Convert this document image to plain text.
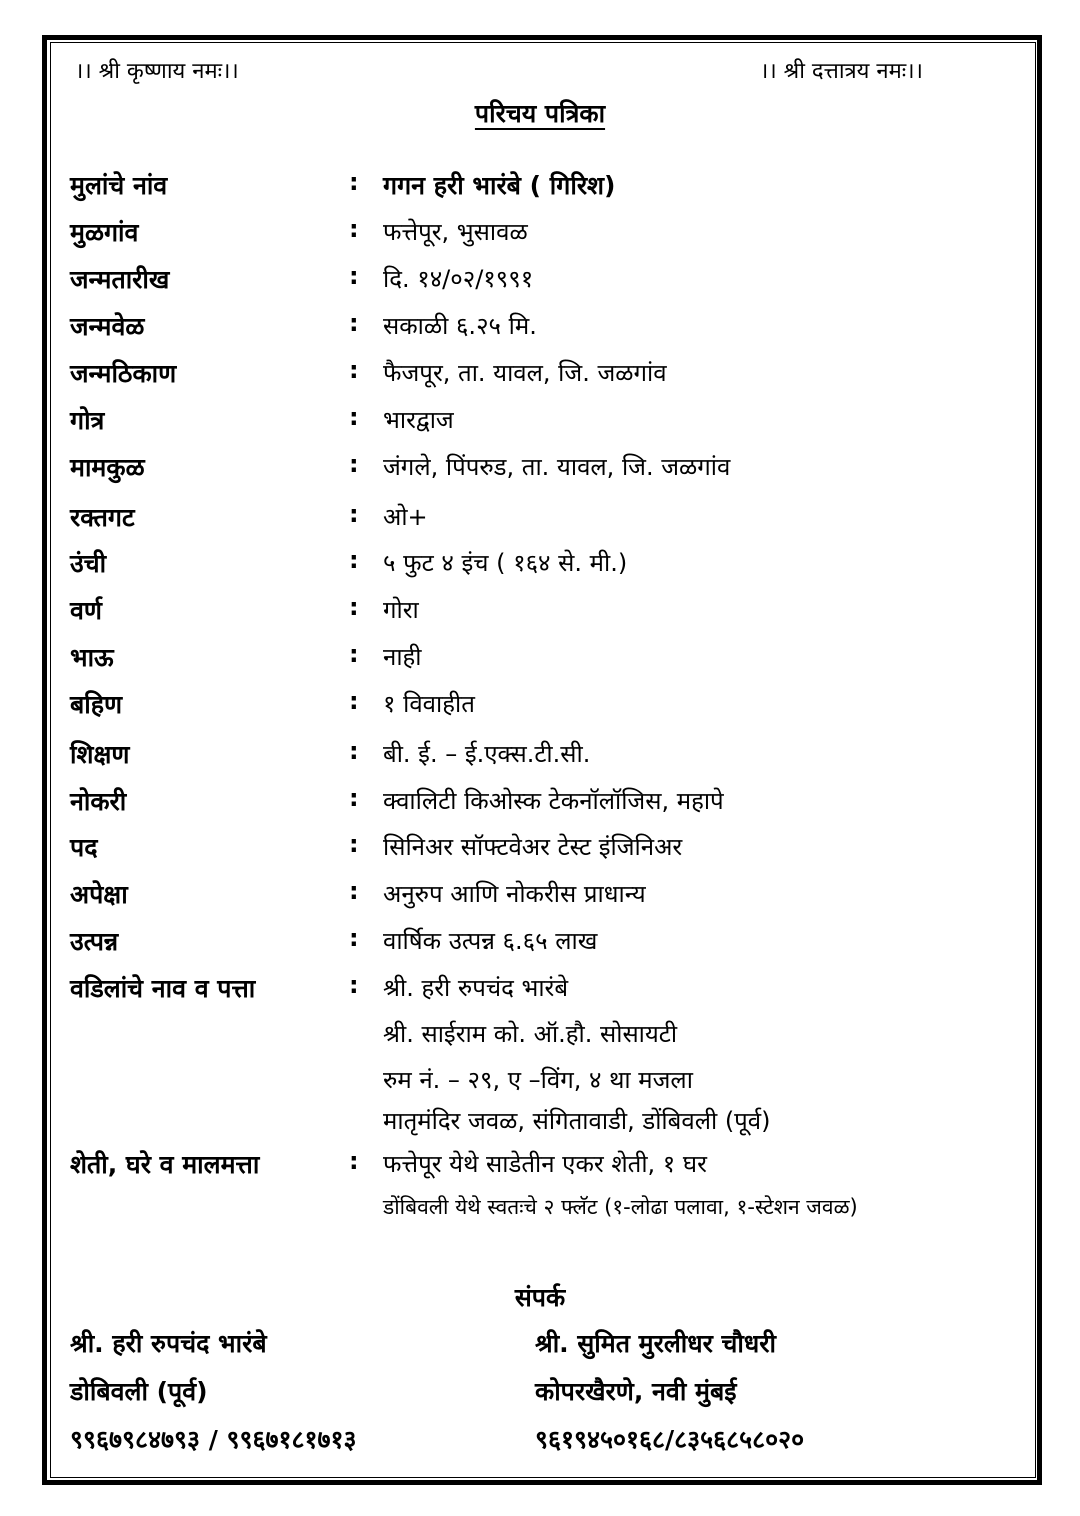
।। श्री कृष्णाय नमः।।	।। श्री दत्तात्रय नमः।।
परिचय पत्रिका
मुलांचे नांव	: गगन हरी भारंबे ( गिरिश)
मुळगांव	: फत्तेपूर, भुसावळ
जन्मतारीख	: दि. १४/०२/१९९१
जन्मवेळ	: सकाळी ६.२५ मि.
जन्मठिकाण	: फैजपूर, ता. यावल, जि. जळगांव
गोत्र	: भारद्वाज
मामकुळ	: जंगले, पिंपरुड, ता. यावल, जि. जळगांव
रक्तगट	: ओ+
उंची	: ५ फुट ४ इंच ( १६४ से. मी.)
वर्ण	: गोरा
भाऊ	: नाही
बहिण	: १ विवाहीत
शिक्षण	: बी. ई. – ई.एक्स.टी.सी.
नोकरी	: क्वालिटी किओस्क टेकनॉलॉजिस, महापे
पद	: सिनिअर सॉफ्टवेअर टेस्ट इंजिनिअर
अपेक्षा	: अनुरुप आणि नोकरीस प्राधान्य
उत्पन्न	: वार्षिक उत्पन्न ६.६५ लाख
वडिलांचे नाव व पत्ता	: श्री. हरी रुपचंद भारंबे
श्री. साईराम को. ऑ.हौ. सोसायटी
रुम नं. – २९, ए –विंग, ४ था मजला
मातृमंदिर जवळ, संगितावाडी, डोंबिवली (पूर्व)
शेती, घरे व मालमत्ता	: फत्तेपूर येथे साडेतीन एकर शेती, १ घर
डोंबिवली येथे स्वतःचे २ फ्लॅट (१-लोढा पलावा, १-स्टेशन जवळ)
संपर्क
श्री. हरी रुपचंद भारंबे	श्री. सुमित मुरलीधर चौधरी
डोबिवली (पूर्व)	कोपरखैरणे, नवी मुंबई
९९६७९८४७९३ / ९९६७१८१७१३	९६१९४५०१६८/८३५६८५८०२०
